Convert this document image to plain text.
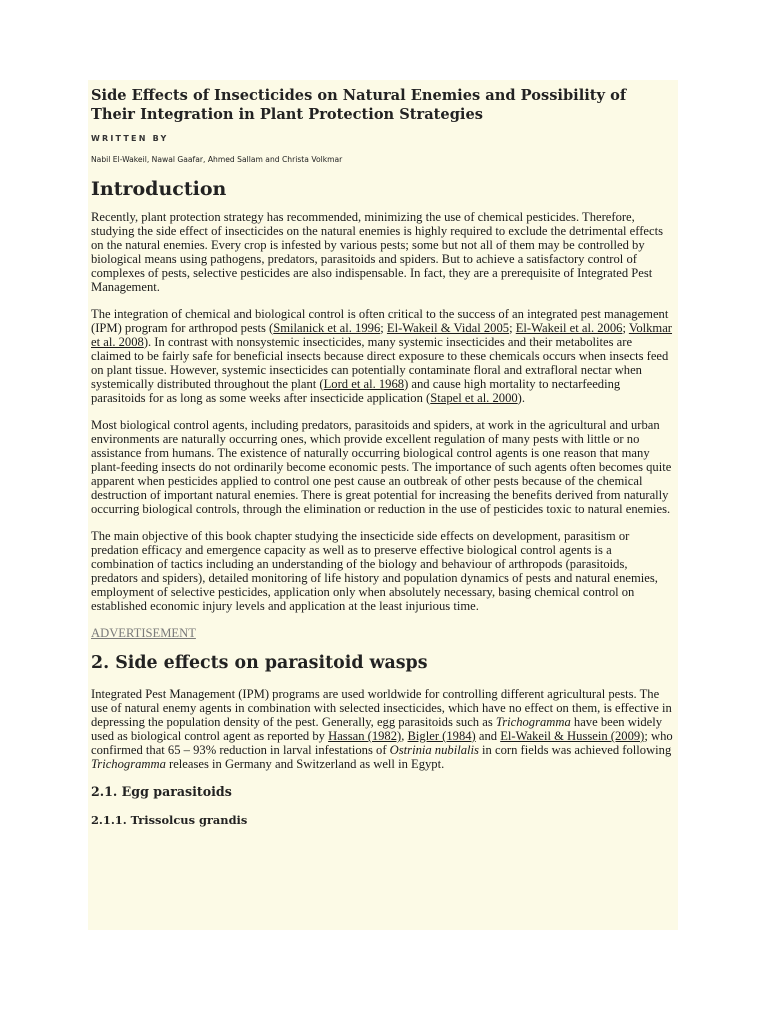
Side Effects of Insecticides on Natural Enemies and Possibility of Their Integration in Plant Protection Strategies
WRITTEN BY
Nabil El-Wakeil, Nawal Gaafar, Ahmed Sallam and Christa Volkmar
Introduction

Recently, plant protection strategy has recommended, minimizing the use of chemical pesticides. Therefore, studying the side effect of insecticides on the natural enemies is highly required to exclude the detrimental effects on the natural enemies. Every crop is infested by various pests; some but not all of them may be controlled by biological means using pathogens, predators, parasitoids and spiders. But to achieve a satisfactory control of complexes of pests, selective pesticides are also indispensable. In fact, they are a prerequisite of Integrated Pest Management.

The integration of chemical and biological control is often critical to the success of an integrated pest management (IPM) program for arthropod pests (Smilanick et al. 1996; El-Wakeil & Vidal 2005; El-Wakeil et al. 2006; Volkmar et al. 2008). In contrast with nonsystemic insecticides, many systemic insecticides and their metabolites are claimed to be fairly safe for beneficial insects because direct exposure to these chemicals occurs when insects feed on plant tissue. However, systemic insecticides can potentially contaminate floral and extrafloral nectar when systemically distributed throughout the plant (Lord et al. 1968) and cause high mortality to nectarfeeding parasitoids for as long as some weeks after insecticide application (Stapel et al. 2000).

Most biological control agents, including predators, parasitoids and spiders, at work in the agricultural and urban environments are naturally occurring ones, which provide excellent regulation of many pests with little or no assistance from humans. The existence of naturally occurring biological control agents is one reason that many plant-feeding insects do not ordinarily become economic pests. The importance of such agents often becomes quite apparent when pesticides applied to control one pest cause an outbreak of other pests because of the chemical destruction of important natural enemies. There is great potential for increasing the benefits derived from naturally occurring biological controls, through the elimination or reduction in the use of pesticides toxic to natural enemies.

The main objective of this book chapter studying the insecticide side effects on development, parasitism or predation efficacy and emergence capacity as well as to preserve effective biological control agents is a combination of tactics including an understanding of the biology and behaviour of arthropods (parasitoids, predators and spiders), detailed monitoring of life history and population dynamics of pests and natural enemies, employment of selective pesticides, application only when absolutely necessary, basing chemical control on established economic injury levels and application at the least injurious time.

ADVERTISEMENT
2. Side effects on parasitoid wasps

Integrated Pest Management (IPM) programs are used worldwide for controlling different agricultural pests. The use of natural enemy agents in combination with selected insecticides, which have no effect on them, is effective in depressing the population density of the pest. Generally, egg parasitoids such as Trichogramma have been widely used as biological control agent as reported by Hassan (1982), Bigler (1984) and El-Wakeil & Hussein (2009); who confirmed that 65 – 93% reduction in larval infestations of Ostrinia nubilalis in corn fields was achieved following Trichogramma releases in Germany and Switzerland as well in Egypt.

2.1. Egg parasitoids
2.1.1. Trissolcus grandis
